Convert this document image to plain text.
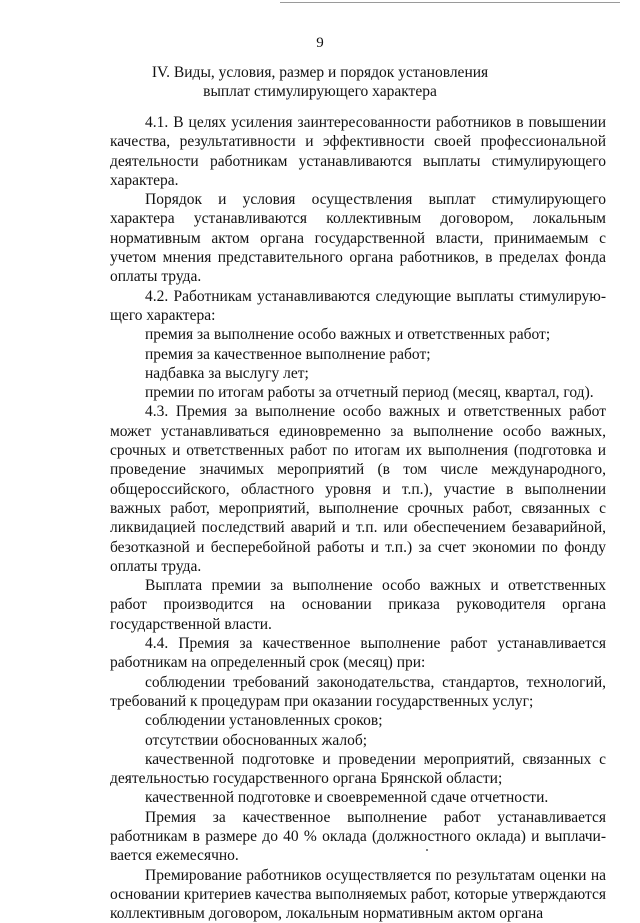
9
IV. Виды, условия, размер и порядок установления
выплат стимулирующего характера

4.1. В целях усиления заинтересованности работников в повышении качества, результативности и эффективности своей профессиональной деятельности работникам устанавливаются выплаты стимулирующего характера.

Порядок и условия осуществления выплат стимулирующего характера устанавливаются коллективным договором, локальным нормативным актом органа государственной власти, принимаемым с учетом мнения представительного органа работников, в пределах фонда оплаты труда.

4.2. Работникам устанавливаются следующие выплаты стимулирующего характера:

премия за выполнение особо важных и ответственных работ;

премия за качественное выполнение работ;

надбавка за выслугу лет;

премии по итогам работы за отчетный период (месяц, квартал, год).

4.3. Премия за выполнение особо важных и ответственных работ может устанавливаться единовременно за выполнение особо важных, срочных и ответственных работ по итогам их выполнения (подготовка и проведение значимых мероприятий (в том числе международного, общероссийского, областного уровня и т.п.), участие в выполнении важных работ, мероприятий, выполнение срочных работ, связанных с ликвидацией последствий аварий и т.п. или обеспечением безаварийной, безотказной и бесперебойной работы и т.п.) за счет экономии по фонду оплаты труда.

Выплата премии за выполнение особо важных и ответственных работ производится на основании приказа руководителя органа государственной власти.

4.4. Премия за качественное выполнение работ устанавливается работникам на определенный срок (месяц) при:

соблюдении требований законодательства, стандартов, технологий, требований к процедурам при оказании государственных услуг;

соблюдении установленных сроков;

отсутствии обоснованных жалоб;

качественной подготовке и проведении мероприятий, связанных с деятельностью государственного органа Брянской области;

качественной подготовке и своевременной сдаче отчетности.

Премия за качественное выполнение работ устанавливается работникам в размере до 40 % оклада (должностного оклада) и выплачивается ежемесячно.

Премирование работников осуществляется по результатам оценки на основании критериев качества выполняемых работ, которые утверждаются коллективным договором, локальным нормативным актом органа
